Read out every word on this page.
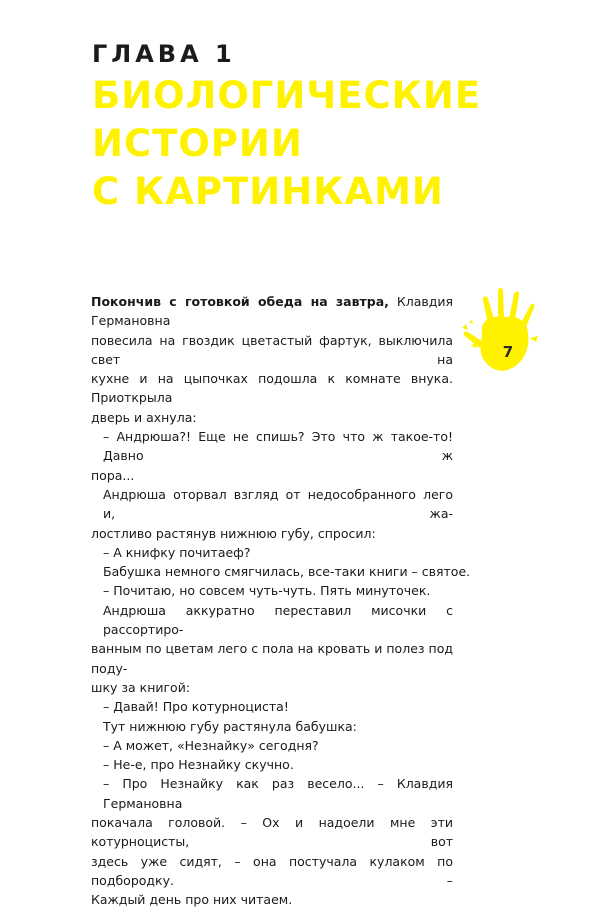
ГЛАВА 1
БИОЛОГИЧЕСКИЕ
ИСТОРИИ
С КАРТИНКАМИ
7
Покончив с готовкой обеда на завтра, Клавдия Германовна
повесила на гвоздик цветастый фартук, выключила свет на
кухне и на цыпочках подошла к комнате внука. Приоткрыла
дверь и ахнула:
– Андрюша?! Еще не спишь? Это что ж такое-то! Давно ж
пора...
Андрюша оторвал взгляд от недособранного лего и, жа-
лостливо растянув нижнюю губу, спросил:
– А книфку почитаеф?
Бабушка немного смягчилась, все-таки книги – святое.
– Почитаю, но совсем чуть-чуть. Пять минуточек.
Андрюша аккуратно переставил мисочки с рассортиро-
ванным по цветам лего с пола на кровать и полез под поду-
шку за книгой:
– Давай! Про котурноциста!
Тут нижнюю губу растянула бабушка:
– А может, «Незнайку» сегодня?
– Не-е, про Незнайку скучно.
– Про Незнайку как раз весело... – Клавдия Германовна
покачала головой. – Ох и надоели мне эти котурноцисты, вот
здесь уже сидят, – она постучала кулаком по подбородку. –
Каждый день про них читаем.
